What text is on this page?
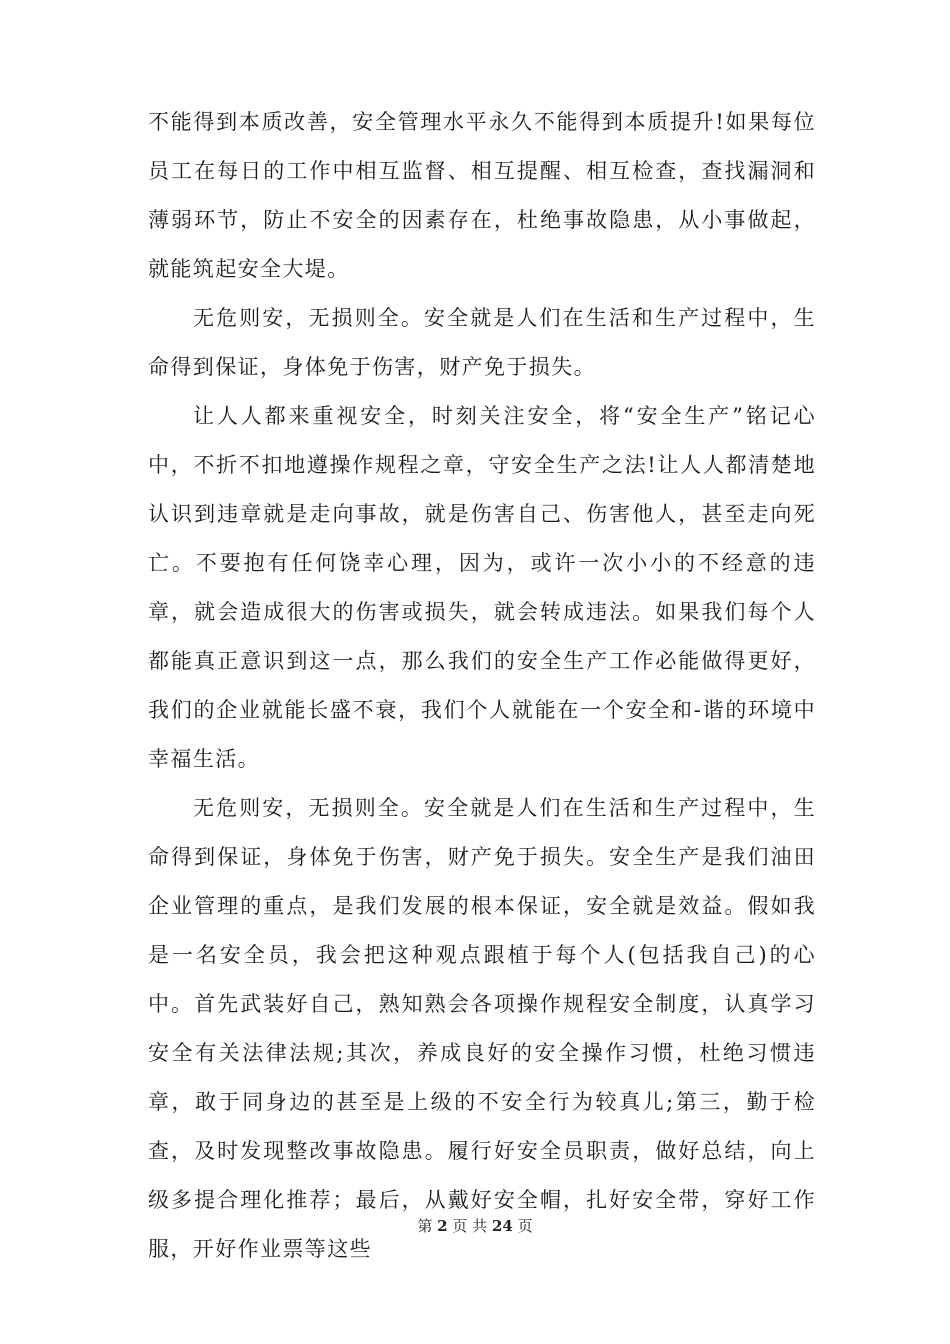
不能得到本质改善，安全管理水平永久不能得到本质提升!如果每位员工在每日的工作中相互监督、相互提醒、相互检查，查找漏洞和薄弱环节，防止不安全的因素存在，杜绝事故隐患，从小事做起，就能筑起安全大堤。

无危则安，无损则全。安全就是人们在生活和生产过程中，生命得到保证，身体免于伤害，财产免于损失。

让人人都来重视安全，时刻关注安全，将“安全生产”铭记心中，不折不扣地遵操作规程之章，守安全生产之法!让人人都清楚地认识到违章就是走向事故，就是伤害自己、伤害他人，甚至走向死亡。不要抱有任何饶幸心理，因为，或许一次小小的不经意的违章，就会造成很大的伤害或损失，就会转成违法。如果我们每个人都能真正意识到这一点，那么我们的安全生产工作必能做得更好，我们的企业就能长盛不衰，我们个人就能在一个安全和-谐的环境中幸福生活。

无危则安，无损则全。安全就是人们在生活和生产过程中，生命得到保证，身体免于伤害，财产免于损失。安全生产是我们油田企业管理的重点，是我们发展的根本保证，安全就是效益。假如我是一名安全员，我会把这种观点跟植于每个人(包括我自己)的心中。首先武装好自己，熟知熟会各项操作规程安全制度，认真学习安全有关法律法规;其次，养成良好的安全操作习惯，杜绝习惯违章，敢于同身边的甚至是上级的不安全行为较真儿;第三，勤于检查，及时发现整改事故隐患。履行好安全员职责，做好总结，向上级多提合理化推荐；最后，从戴好安全帽，扎好安全带，穿好工作服，开好作业票等这些

第 2 页 共 24 页
